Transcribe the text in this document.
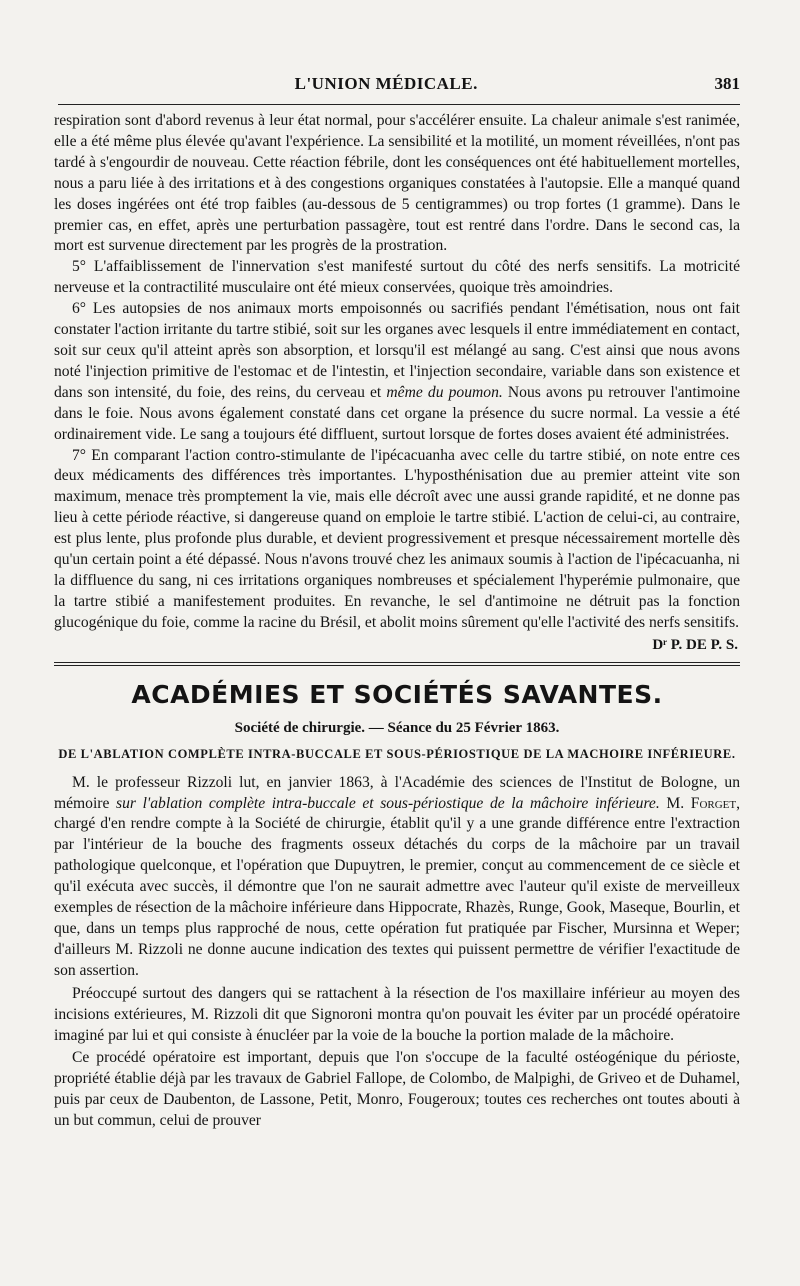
L'UNION MÉDICALE.	381

respiration sont d'abord revenus à leur état normal, pour s'accélérer ensuite. La chaleur animale s'est ranimée, elle a été même plus élevée qu'avant l'expérience. La sensibilité et la motilité, un moment réveillées, n'ont pas tardé à s'engourdir de nouveau. Cette réaction fébrile, dont les conséquences ont été habituellement mortelles, nous a paru liée à des irritations et à des congestions organiques constatées à l'autopsie. Elle a manqué quand les doses ingérées ont été trop faibles (au-dessous de 5 centigrammes) ou trop fortes (1 gramme). Dans le premier cas, en effet, après une perturbation passagère, tout est rentré dans l'ordre. Dans le second cas, la mort est survenue directement par les progrès de la prostration.

5° L'affaiblissement de l'innervation s'est manifesté surtout du côté des nerfs sensitifs. La motricité nerveuse et la contractilité musculaire ont été mieux conservées, quoique très amoindries.

6° Les autopsies de nos animaux morts empoisonnés ou sacrifiés pendant l'émétisation, nous ont fait constater l'action irritante du tartre stibié, soit sur les organes avec lesquels il entre immédiatement en contact, soit sur ceux qu'il atteint après son absorption, et lorsqu'il est mélangé au sang. C'est ainsi que nous avons noté l'injection primitive de l'estomac et de l'intestin, et l'injection secondaire, variable dans son existence et dans son intensité, du foie, des reins, du cerveau et même du poumon. Nous avons pu retrouver l'antimoine dans le foie. Nous avons également constaté dans cet organe la présence du sucre normal. La vessie a été ordinairement vide. Le sang a toujours été diffluent, surtout lorsque de fortes doses avaient été administrées.

7° En comparant l'action contro-stimulante de l'ipécacuanha avec celle du tartre stibié, on note entre ces deux médicaments des différences très importantes. L'hyposthénisation due au premier atteint vite son maximum, menace très promptement la vie, mais elle décroît avec une aussi grande rapidité, et ne donne pas lieu à cette période réactive, si dangereuse quand on emploie le tartre stibié. L'action de celui-ci, au contraire, est plus lente, plus profonde plus durable, et devient progressivement et presque nécessairement mortelle dès qu'un certain point a été dépassé. Nous n'avons trouvé chez les animaux soumis à l'action de l'ipécacuanha, ni la diffluence du sang, ni ces irritations organiques nombreuses et spécialement l'hyperémie pulmonaire, que la tartre stibié a manifestement produites. En revanche, le sel d'antimoine ne détruit pas la fonction glucogénique du foie, comme la racine du Brésil, et abolit moins sûrement qu'elle l'activité des nerfs sensitifs.

Dʳ P. DE P. S.
ACADÉMIES ET SOCIÉTÉS SAVANTES.
Société de chirurgie. — Séance du 25 Février 1863.
DE L'ABLATION COMPLÈTE INTRA-BUCCALE ET SOUS-PÉRIOSTIQUE DE LA MACHOIRE INFÉRIEURE.

M. le professeur Rizzoli lut, en janvier 1863, à l'Académie des sciences de l'Institut de Bologne, un mémoire sur l'ablation complète intra-buccale et sous-périostique de la mâchoire inférieure. M. Forget, chargé d'en rendre compte à la Société de chirurgie, établit qu'il y a une grande différence entre l'extraction par l'intérieur de la bouche des fragments osseux détachés du corps de la mâchoire par un travail pathologique quelconque, et l'opération que Dupuytren, le premier, conçut au commencement de ce siècle et qu'il exécuta avec succès, il démontre que l'on ne saurait admettre avec l'auteur qu'il existe de merveilleux exemples de résection de la mâchoire inférieure dans Hippocrate, Rhazès, Runge, Gook, Maseque, Bourlin, et que, dans un temps plus rapproché de nous, cette opération fut pratiquée par Fischer, Mursinna et Weper; d'ailleurs M. Rizzoli ne donne aucune indication des textes qui puissent permettre de vérifier l'exactitude de son assertion.

Préoccupé surtout des dangers qui se rattachent à la résection de l'os maxillaire inférieur au moyen des incisions extérieures, M. Rizzoli dit que Signoroni montra qu'on pouvait les éviter par un procédé opératoire imaginé par lui et qui consiste à énucléer par la voie de la bouche la portion malade de la mâchoire.

Ce procédé opératoire est important, depuis que l'on s'occupe de la faculté ostéogénique du périoste, propriété établie déjà par les travaux de Gabriel Fallope, de Colombo, de Malpighi, de Griveo et de Duhamel, puis par ceux de Daubenton, de Lassone, Petit, Monro, Fougeroux; toutes ces recherches ont toutes abouti à un but commun, celui de prouver
